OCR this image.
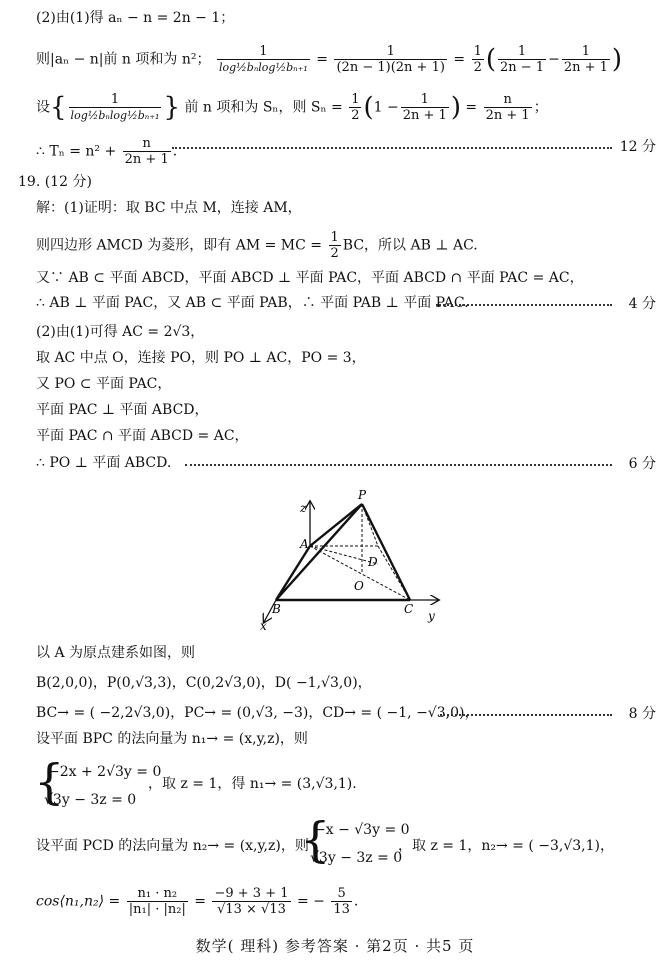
(2)由(1)得 aₙ − n = 2n − 1；
则|aₙ − n|前 n 项和为 n²； $\frac{1}{\text{log½bₙlog½bₙ₊₁}} = \frac{1}{(2n - 1)(2n + 1)} = \frac{1}{2}$ ( $\frac{1}{2n - 1} - \frac{1}{2n + 1}$ )
设{ $\frac{1}{\text{log½bₙlog½bₙ₊₁}}$ } 前 n 项和为 Sₙ，则 $S_n = \frac{1}{2} (1 - \frac{1}{2n + 1}$ ) = $\frac{n}{2n + 1}$ ；
∴ $T_n = n^2 + \frac{n}{2n + 1}$ .	12 分
19. (12 分)
解：(1)证明：取 BC 中点 M，连接 AM，
则四边形 AMCD 为菱形，即有 AM = MC = $\frac{1}{2}$ BC，所以 AB ⊥ AC.
又∵ AB ⊂ 平面 ABCD，平面 ABCD ⊥ 平面 PAC，平面 ABCD ∩ 平面 PAC = AC，
∴ AB ⊥ 平面 PAC，又 AB ⊂ 平面 PAB，∴ 平面 PAB ⊥ 平面 PAC.	4 分
(2)由(1)可得 AC = 2√3，
取 AC 中点 O，连接 PO，则 PO ⊥ AC，PO = 3，
又 PO ⊂ 平面 PAC，
平面 PAC ⊥ 平面 ABCD，
平面 PAC ∩ 平面 ABCD = AC，
∴ PO ⊥ 平面 ABCD.	6 分
P
A
D
O
B	C
x
y
z
以 A 为原点建系如图，则
B(2,0,0)，P(0,√3,3)，C(0,2√3,0)，D( −1,√3,0)，
BC→ = ( −2,2√3,0)，PC→ = (0,√3, −3)，CD→ = ( −1, −√3,0)，	8 分
设平面 BPC 的法向量为 n₁→ = (x,y,z)，则
{
−2x + 2√3y = 0
√3y − 3z = 0
，取 z = 1，得 n₁→ = (3,√3,1).
设平面 PCD 的法向量为 n₂→ = (x,y,z)，则
{
−x − √3y = 0
√3y − 3z = 0
，取 z = 1，n₂→ = ( −3,√3,1)，
cos⟨n₁,n₂⟩ = $\frac{\text{n₁ · n₂}}{\text{|n₁| · |n₂|}} = \frac{-9 + 3 + 1}{√13 \times √13}$ = − $\frac{5}{13}$ .
数学( 理科) 参考答案 · 第2页 · 共5 页
